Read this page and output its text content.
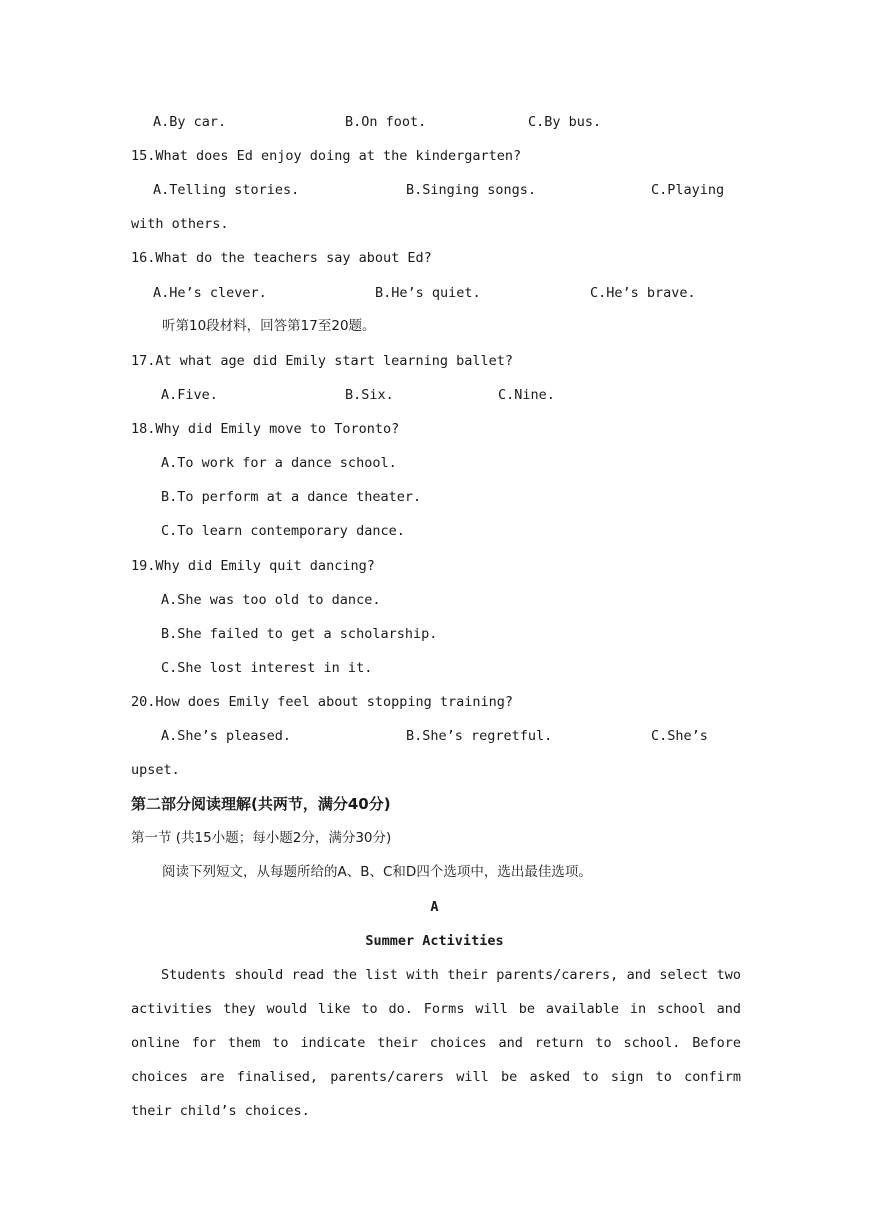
A.By car.	B.On foot.	C.By bus.
15.What does Ed enjoy doing at the kindergarten?
A.Telling stories.	B.Singing songs.	C.Playing
with others.
16.What do the teachers say about Ed?
A.He’s clever.	B.He’s quiet.	C.He’s brave.
听第10段材料，回答第17至20题。
17.At what age did Emily start learning ballet?
A.Five.	B.Six.	C.Nine.
18.Why did Emily move to Toronto?
A.To work for a dance school.
B.To perform at a dance theater.
C.To learn contemporary dance.
19.Why did Emily quit dancing?
A.She was too old to dance.
B.She failed to get a scholarship.
C.She lost interest in it.
20.How does Emily feel about stopping training?
A.She’s pleased.	B.She’s regretful.	C.She’s
upset.
第二部分阅读理解(共两节，满分40分)
第一节 (共15小题；每小题2分，满分30分)
阅读下列短文，从每题所给的A、B、C和D四个选项中，选出最佳选项。
A
Summer Activities
Students should read the list with their parents/carers, and select two activities they would like to do. Forms will be available in school and online for them to indicate their choices and return to school. Before choices are finalised, parents/carers will be asked to sign to confirm their child’s choices.
